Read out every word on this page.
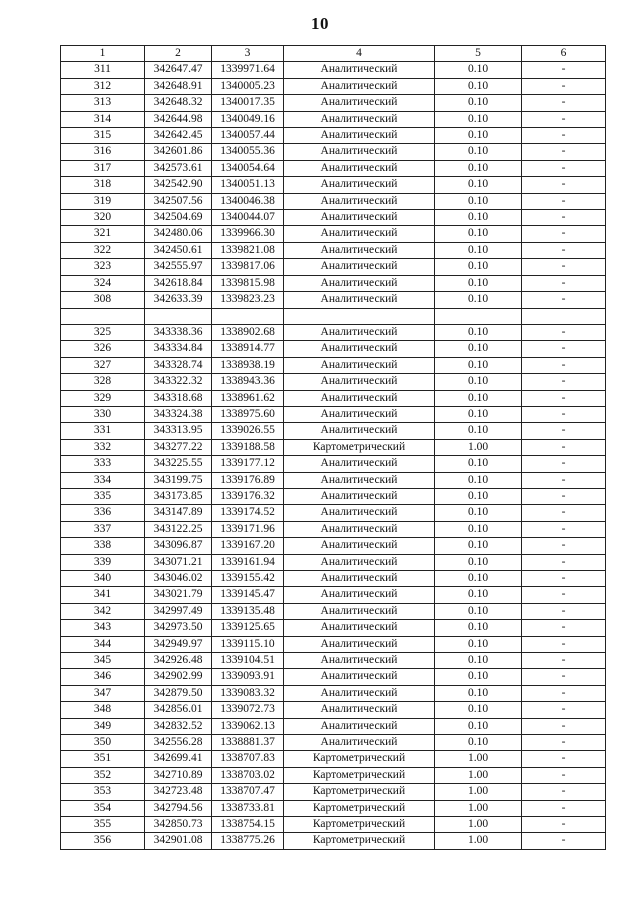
10
1	2	3	4	5	6
311	342647.47	1339971.64	Аналитический	0.10	-
312	342648.91	1340005.23	Аналитический	0.10	-
313	342648.32	1340017.35	Аналитический	0.10	-
314	342644.98	1340049.16	Аналитический	0.10	-
315	342642.45	1340057.44	Аналитический	0.10	-
316	342601.86	1340055.36	Аналитический	0.10	-
317	342573.61	1340054.64	Аналитический	0.10	-
318	342542.90	1340051.13	Аналитический	0.10	-
319	342507.56	1340046.38	Аналитический	0.10	-
320	342504.69	1340044.07	Аналитический	0.10	-
321	342480.06	1339966.30	Аналитический	0.10	-
322	342450.61	1339821.08	Аналитический	0.10	-
323	342555.97	1339817.06	Аналитический	0.10	-
324	342618.84	1339815.98	Аналитический	0.10	-
308	342633.39	1339823.23	Аналитический	0.10	-

325	343338.36	1338902.68	Аналитический	0.10	-
326	343334.84	1338914.77	Аналитический	0.10	-
327	343328.74	1338938.19	Аналитический	0.10	-
328	343322.32	1338943.36	Аналитический	0.10	-
329	343318.68	1338961.62	Аналитический	0.10	-
330	343324.38	1338975.60	Аналитический	0.10	-
331	343313.95	1339026.55	Аналитический	0.10	-
332	343277.22	1339188.58	Картометрический	1.00	-
333	343225.55	1339177.12	Аналитический	0.10	-
334	343199.75	1339176.89	Аналитический	0.10	-
335	343173.85	1339176.32	Аналитический	0.10	-
336	343147.89	1339174.52	Аналитический	0.10	-
337	343122.25	1339171.96	Аналитический	0.10	-
338	343096.87	1339167.20	Аналитический	0.10	-
339	343071.21	1339161.94	Аналитический	0.10	-
340	343046.02	1339155.42	Аналитический	0.10	-
341	343021.79	1339145.47	Аналитический	0.10	-
342	342997.49	1339135.48	Аналитический	0.10	-
343	342973.50	1339125.65	Аналитический	0.10	-
344	342949.97	1339115.10	Аналитический	0.10	-
345	342926.48	1339104.51	Аналитический	0.10	-
346	342902.99	1339093.91	Аналитический	0.10	-
347	342879.50	1339083.32	Аналитический	0.10	-
348	342856.01	1339072.73	Аналитический	0.10	-
349	342832.52	1339062.13	Аналитический	0.10	-
350	342556.28	1338881.37	Аналитический	0.10	-
351	342699.41	1338707.83	Картометрический	1.00	-
352	342710.89	1338703.02	Картометрический	1.00	-
353	342723.48	1338707.47	Картометрический	1.00	-
354	342794.56	1338733.81	Картометрический	1.00	-
355	342850.73	1338754.15	Картометрический	1.00	-
356	342901.08	1338775.26	Картометрический	1.00	-
